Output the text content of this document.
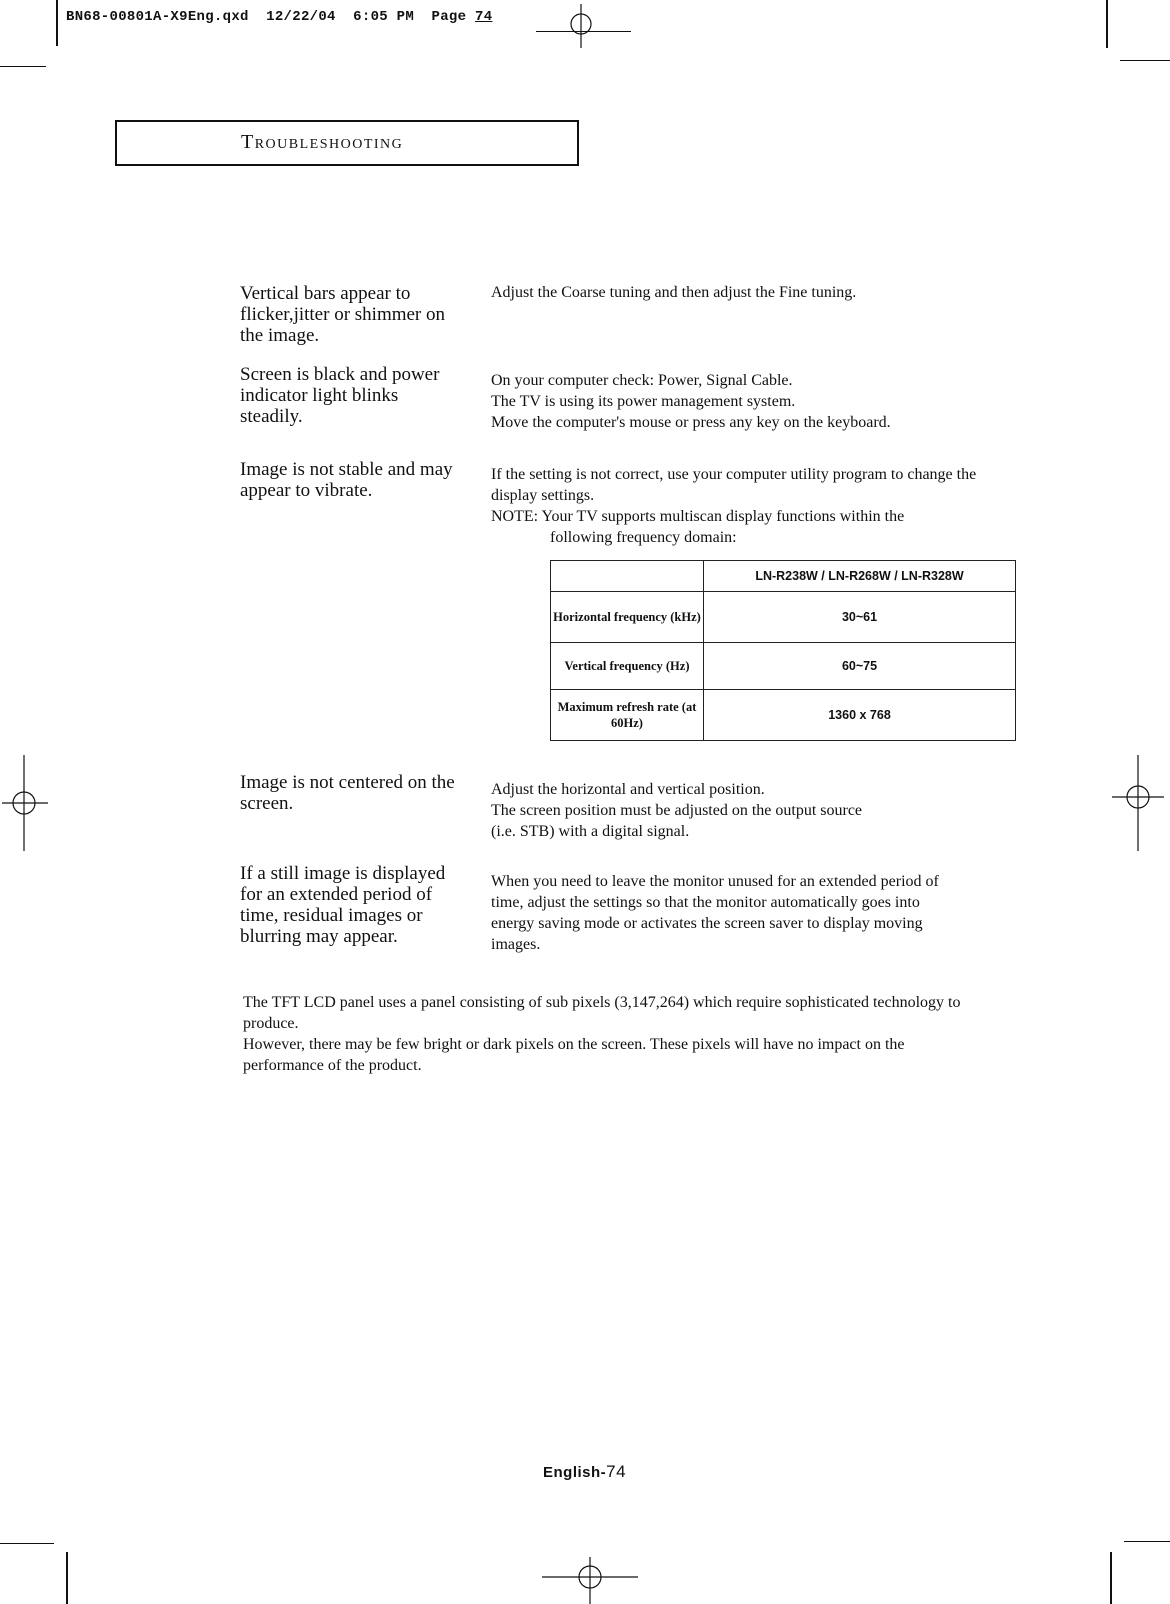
BN68-00801A-X9Eng.qxd 12/22/04 6:05 PM Page 74
Troubleshooting
Vertical bars appear to flicker,jitter or shimmer on the image.

Adjust the Coarse tuning and then adjust the Fine tuning.

Screen is black and power indicator light blinks steadily.

On your computer check: Power, Signal Cable.

The TV is using its power management system.

Move the computer's mouse or press any key on the keyboard.

Image is not stable and may appear to vibrate.

If the setting is not correct, use your computer utility program to change the display settings.

NOTE: Your TV supports multiscan display functions within the

following frequency domain:

	LN-R238W / LN-R268W / LN-R328W
Horizontal frequency (kHz)	30~61
Vertical frequency (Hz)	60~75
Maximum refresh rate (at 60Hz)	1360 x 768
Image is not centered on the screen.

Adjust the horizontal and vertical position.

The screen position must be adjusted on the output source (i.e. STB) with a digital signal.

If a still image is displayed for an extended period of time, residual images or blurring may appear.

When you need to leave the monitor unused for an extended period of time, adjust the settings so that the monitor automatically goes into energy saving mode or activates the screen saver to display moving images.

The TFT LCD panel uses a panel consisting of sub pixels (3,147,264) which require sophisticated technology to produce.

However, there may be few bright or dark pixels on the screen. These pixels will have no impact on the performance of the product.

English-74
